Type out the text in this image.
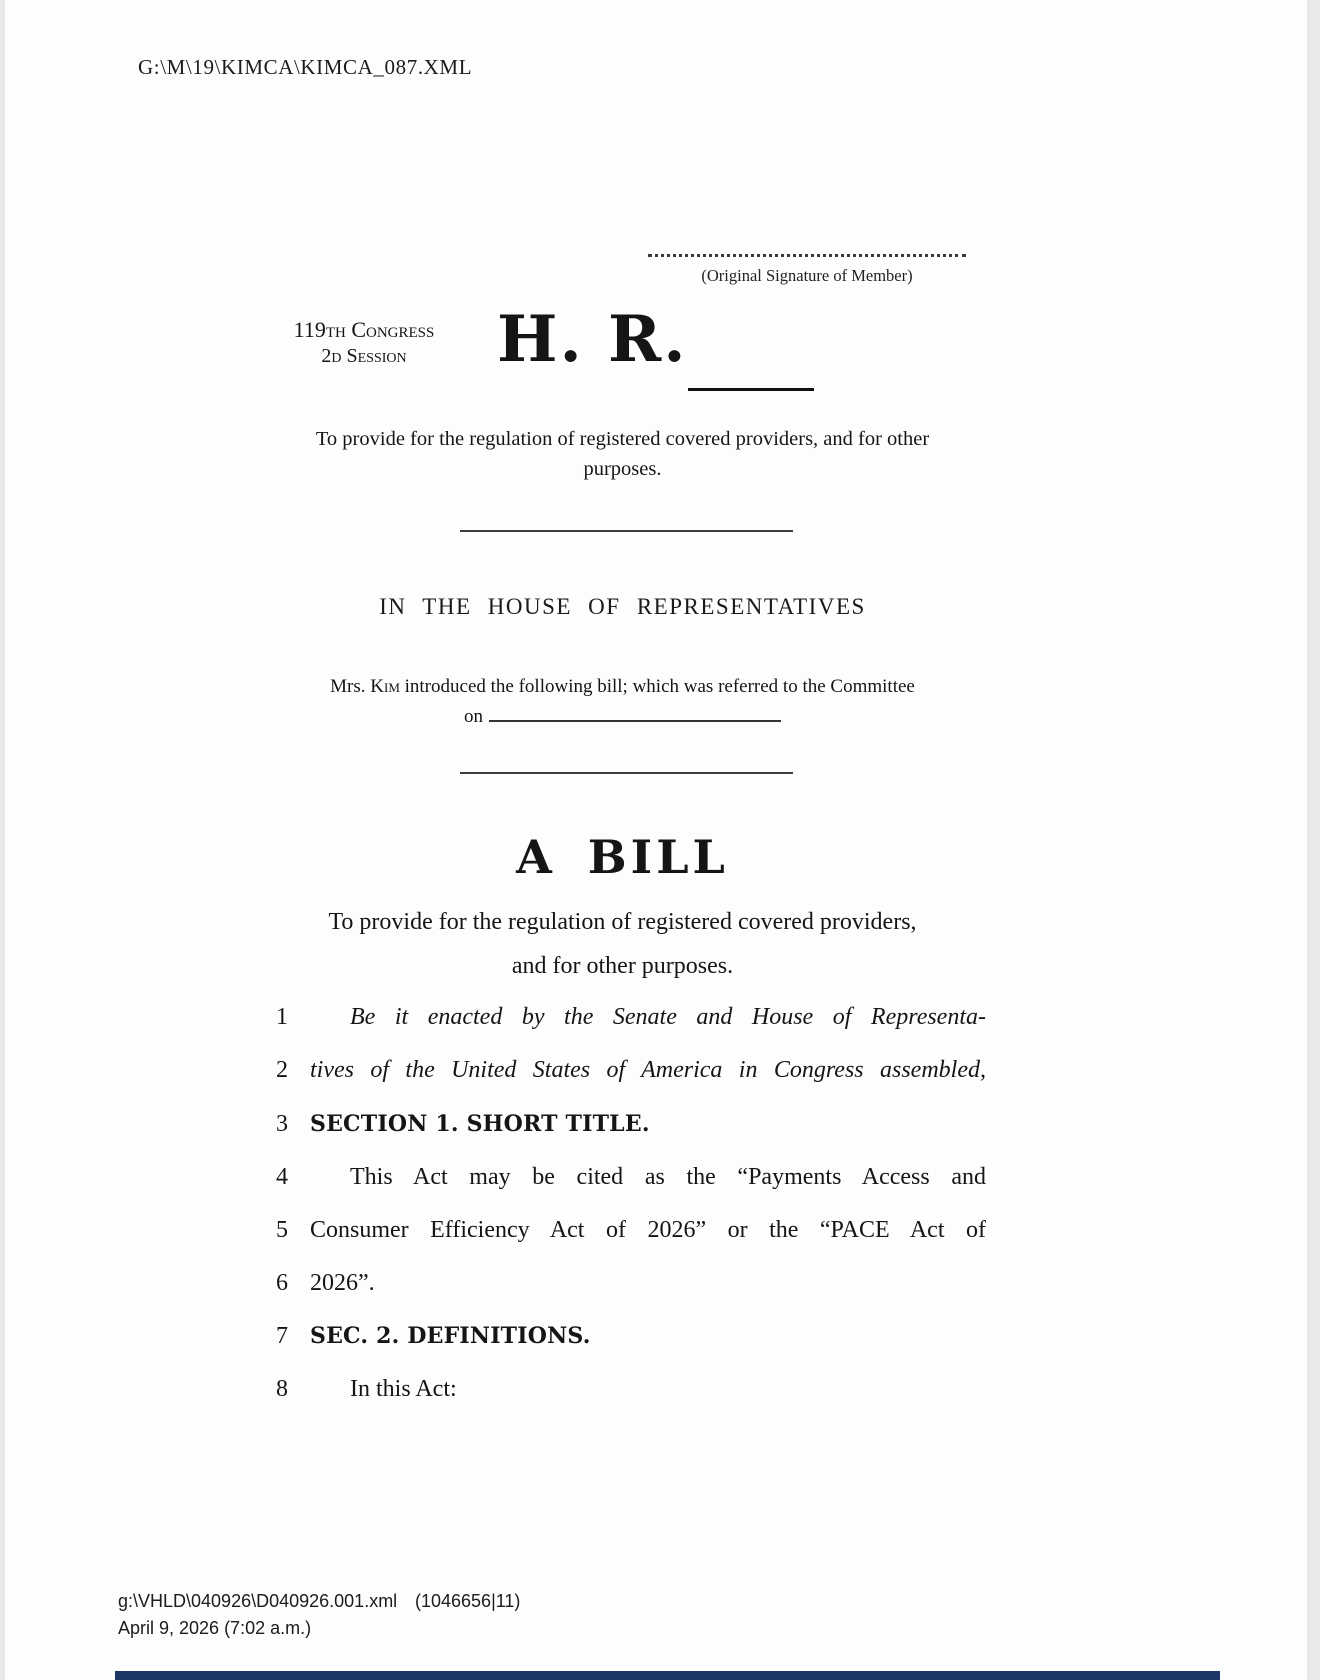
G:\M\19\KIMCA\KIMCA_087.XML
(Original Signature of Member)
119th Congress
2d Session	H. R.
To provide for the regulation of registered covered providers, and for other
purposes.
IN THE HOUSE OF REPRESENTATIVES
Mrs. Kim introduced the following bill; which was referred to the Committee
on
A BILL
To provide for the regulation of registered covered providers,
and for other purposes.
1	Be it enacted by the Senate and House of Representa-
2 tives of the United States of America in Congress assembled,
3	SECTION 1. SHORT TITLE.
4	This Act may be cited as the “Payments Access and
5 Consumer Efficiency Act of 2026” or the “PACE Act of
6 2026”.
7	SEC. 2. DEFINITIONS.
8	In this Act:
g:\VHLD\040926\D040926.001.xml (1046656|11)
April 9, 2026 (7:02 a.m.)
